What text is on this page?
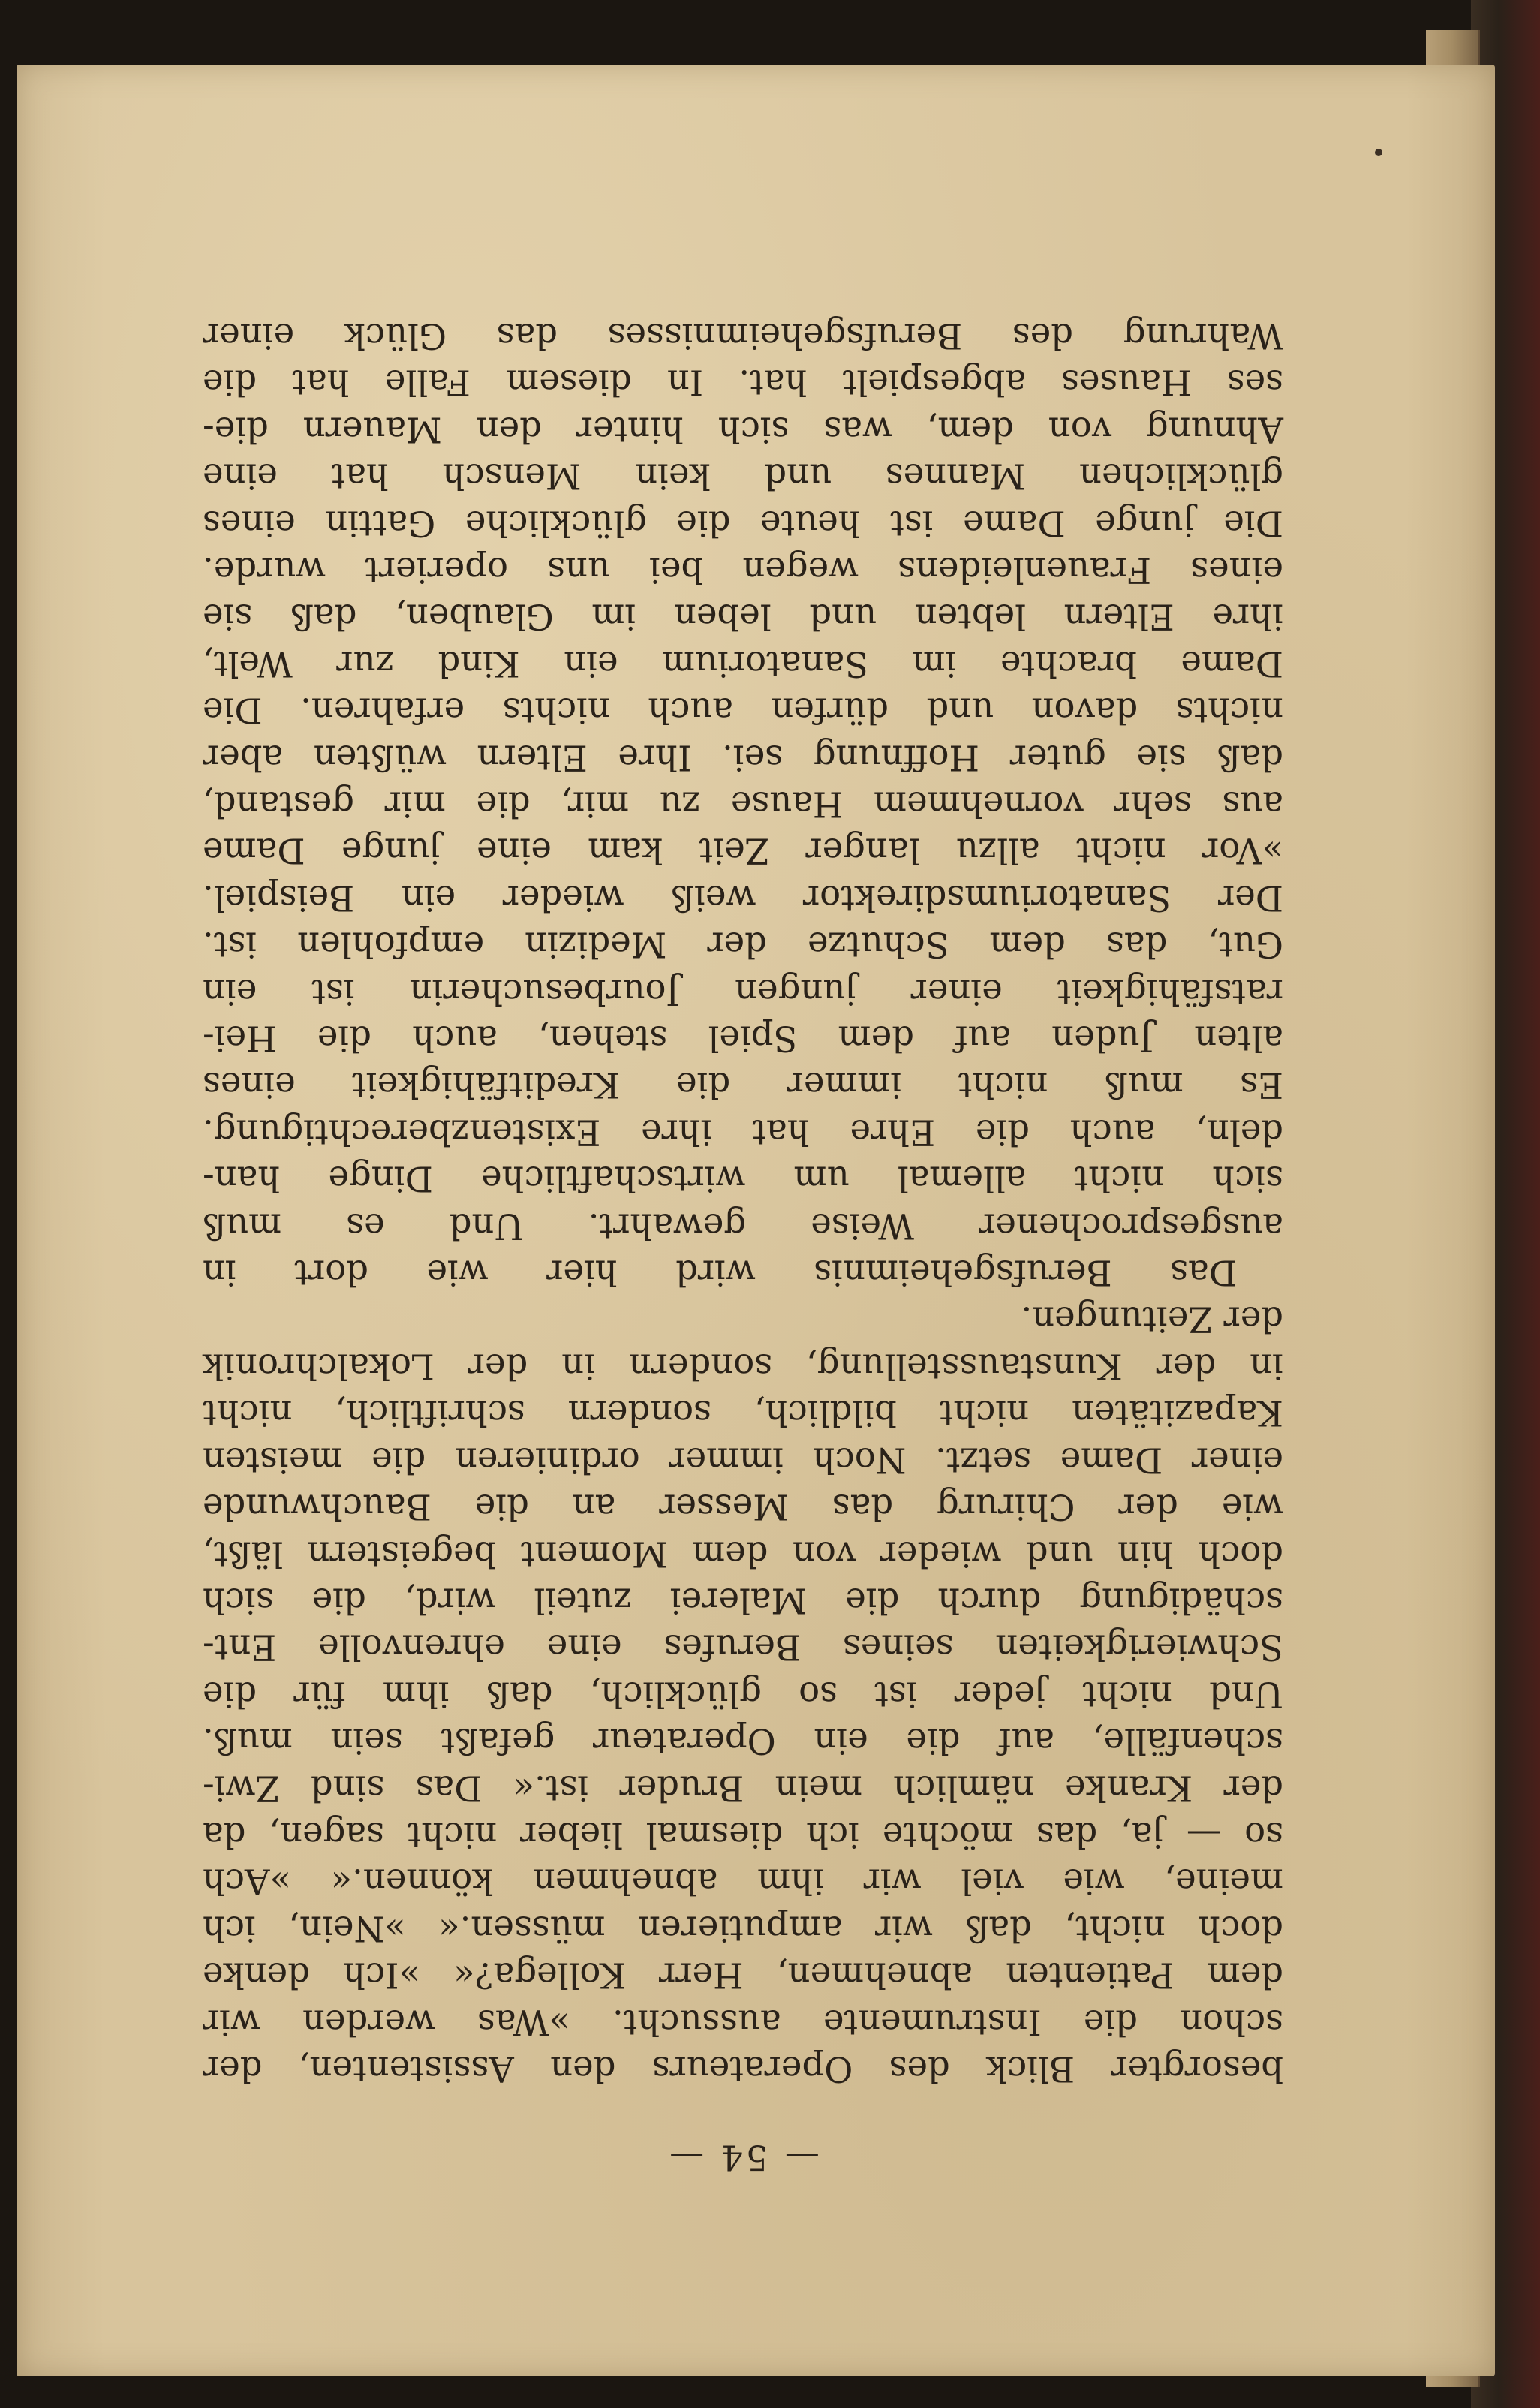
— 54 —
besorgter Blick des Operateurs den Assistenten, der
schon die Instrumente aussucht. »Was werden wir
dem Patienten abnehmen, Herr Kollega?« »Ich denke
doch nicht, daß wir amputieren müssen.« »Nein, ich
meine, wie viel wir ihm abnehmen können.« »Ach
so — ja, das möchte ich diesmal lieber nicht sagen, da
der Kranke nämlich mein Bruder ist.« Das sind Zwi-
schenfälle, auf die ein Operateur gefaßt sein muß.
Und nicht jeder ist so glücklich, daß ihm für die
Schwierigkeiten seines Berufes eine ehrenvolle Ent-
schädigung durch die Malerei zuteil wird, die sich
doch hin und wieder von dem Moment begeistern läßt,
wie der Chirurg das Messer an die Bauchwunde
einer Dame setzt. Noch immer ordinieren die meisten
Kapazitäten nicht bildlich, sondern schriftlich, nicht
in der Kunstausstellung, sondern in der Lokalchronik
der Zeitungen.
Das Berufsgeheimnis wird hier wie dort in
ausgesprochener Weise gewahrt. Und es muß
sich nicht allemal um wirtschaftliche Dinge han-
deln, auch die Ehre hat ihre Existenzberechtigung.
Es muß nicht immer die Kreditfähigkeit eines
alten Juden auf dem Spiel stehen, auch die Hei-
ratsfähigkeit einer jungen Jourbesucherin ist ein
Gut, das dem Schutze der Medizin empfohlen ist.
Der Sanatoriumsdirektor weiß wieder ein Beispiel.
»Vor nicht allzu langer Zeit kam eine junge Dame
aus sehr vornehmem Hause zu mir, die mir gestand,
daß sie guter Hoffnung sei. Ihre Eltern wüßten aber
nichts davon und dürfen auch nichts erfahren. Die
Dame brachte im Sanatorium ein Kind zur Welt,
ihre Eltern lebten und leben im Glauben, daß sie
eines Frauenleidens wegen bei uns operiert wurde.
Die junge Dame ist heute die glückliche Gattin eines
glücklichen Mannes und kein Mensch hat eine
Ahnung von dem, was sich hinter den Mauern die-
ses Hauses abgespielt hat. In diesem Falle hat die
Wahrung des Berufsgeheimnisses das Glück einer
